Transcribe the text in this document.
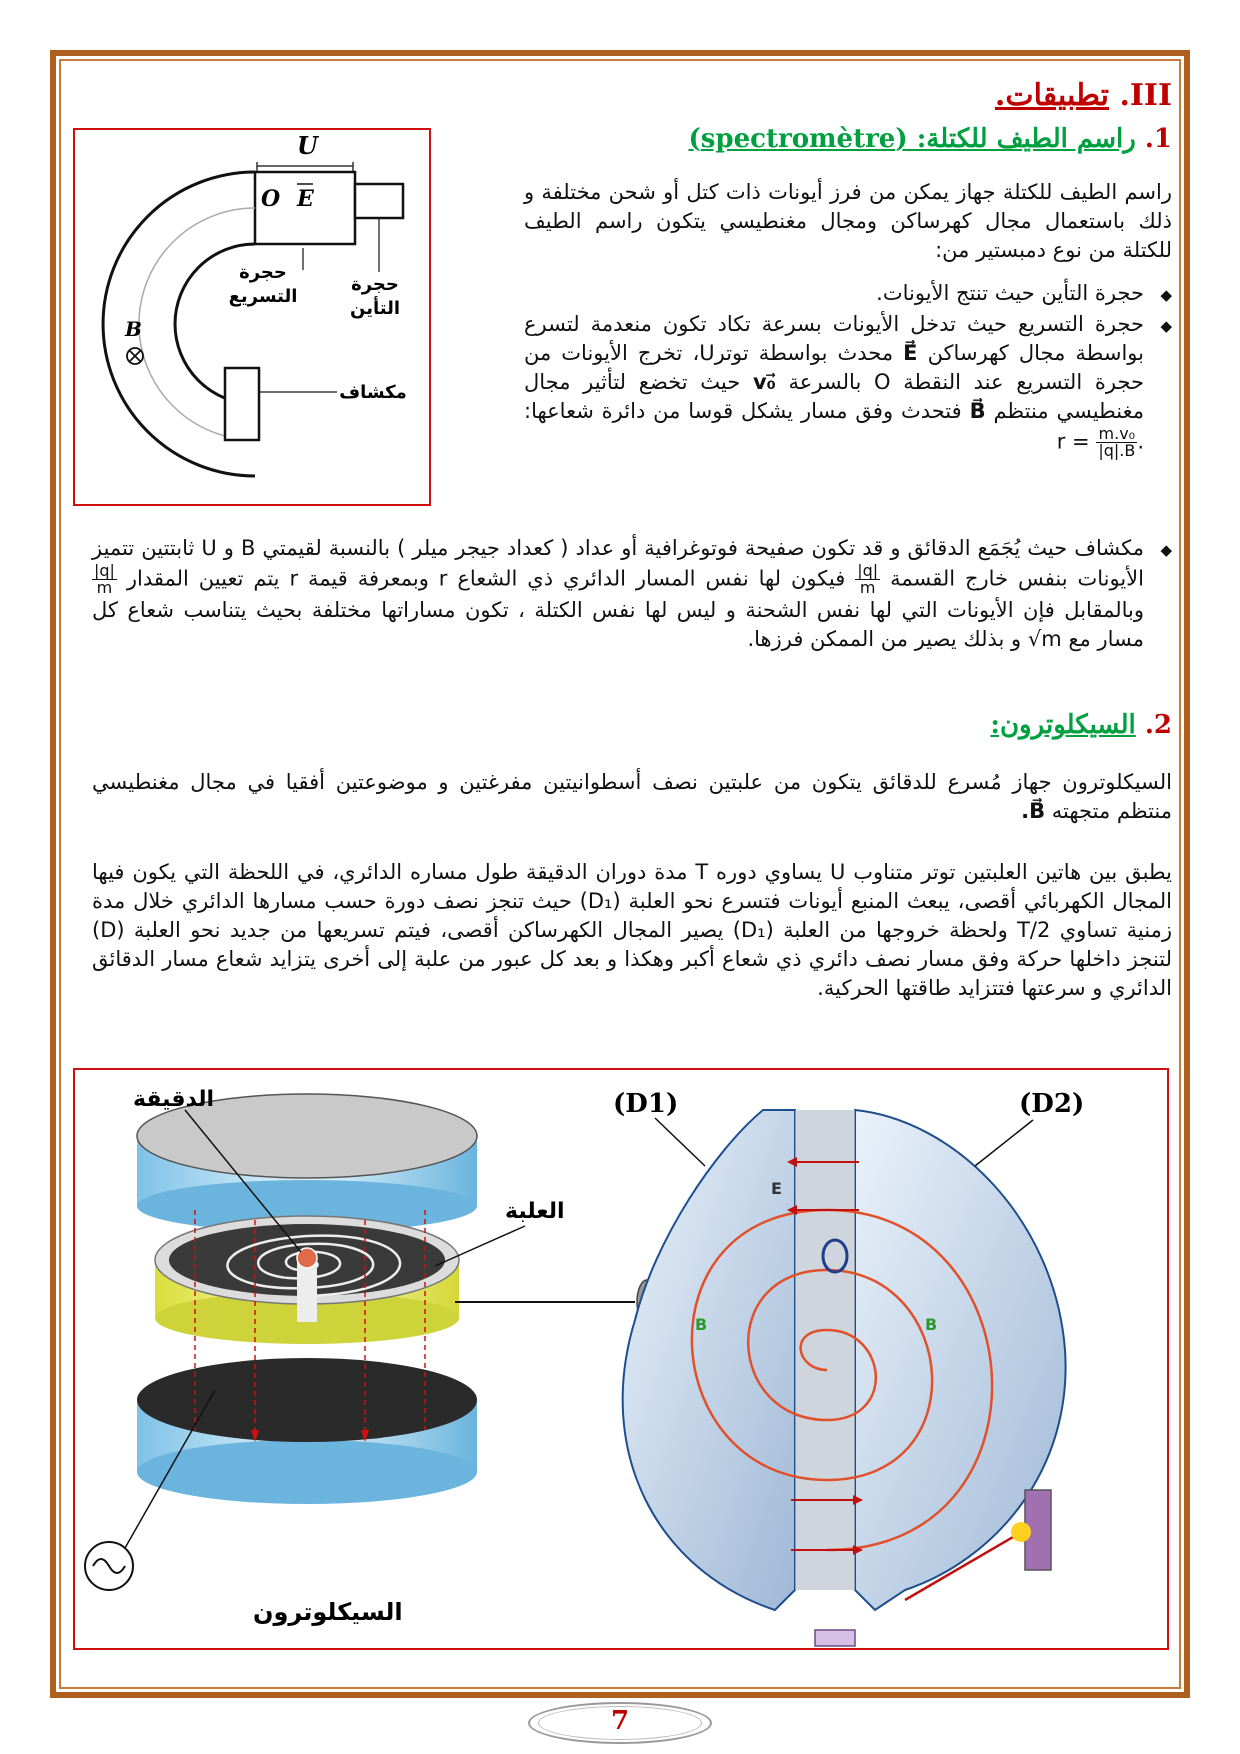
III. تطبيقات.
1. راسم الطيف للكتلة: (spectromètre)
راسم الطيف للكتلة جهاز يمكن من فرز أيونات ذات كتل أو شحن مختلفة و ذلك باستعمال مجال كهرساكن ومجال مغنطيسي يتكون راسم الطيف للكتلة من نوع دمبستير من:
◆ حجرة التأين حيث تنتج الأيونات.
◆ حجرة التسريع حيث تدخل الأيونات بسرعة تكاد تكون منعدمة لتسرع بواسطة مجال كهرساكن E⃗ محدث بواسطة توترU، تخرج الأيونات من حجرة التسريع عند النقطة O بالسرعة v₀⃗ حيث تخضع لتأثير مجال مغنطيسي منتظم B⃗ فتحدث وفق مسار يشكل قوسا من دائرة شعاعها: $r = \frac{\text{m.v₀}}{|q|.B}$ .
◆ مكشاف حيث يُجَمَع الدقائق و قد تكون صفيحة فوتوغرافية أو عداد ( كعداد جيجر ميلر ) بالنسبة لقيمتي B و U ثابتتين تتميز الأيونات بنفس خارج القسمة
$\frac{|q|}{m}$
فيكون لها نفس المسار الدائري ذي الشعاع r وبمعرفة قيمة r يتم تعيين المقدار
$\frac{|q|}{m}$
وبالمقابل فإن الأيونات التي لها نفس الشحنة و ليس لها نفس الكتلة ، تكون مساراتها مختلفة بحيث يتناسب شعاع كل مسار مع √m و بذلك يصير من الممكن فرزها.
2. السيكلوترون:
السيكلوترون جهاز مُسرع للدقائق يتكون من علبتين نصف أسطوانيتين مفرغتين و موضوعتين أفقيا في مجال مغنطيسي منتظم متجهته B⃗.
يطبق بين هاتين العلبتين توتر متناوب U يساوي دوره T مدة دوران الدقيقة طول مساره الدائري، في اللحظة التي يكون فيها المجال الكهربائي أقصى، يبعث المنبع أيونات فتسرع نحو العلبة (D₁) حيث تنجز نصف دورة حسب مسارها الدائري خلال مدة زمنية تساوي T/2 ولحظة خروجها من العلبة (D₁) يصير المجال الكهرساكن أقصى، فيتم تسريعها من جديد نحو العلبة (D) لتنجز داخلها حركة وفق مسار نصف دائري ذي شعاع أكبر وهكذا و بعد كل عبور من علبة إلى أخرى يتزايد شعاع مسار الدقائق الدائري و سرعتها فتتزايد طاقتها الحركية.
U
O E
B
حجرة
التسريع
حجرة
التأين
مكشاف
الدقيقة
العلبة
السيكلوترون
E
B	B
(D1)	(D2)
7
